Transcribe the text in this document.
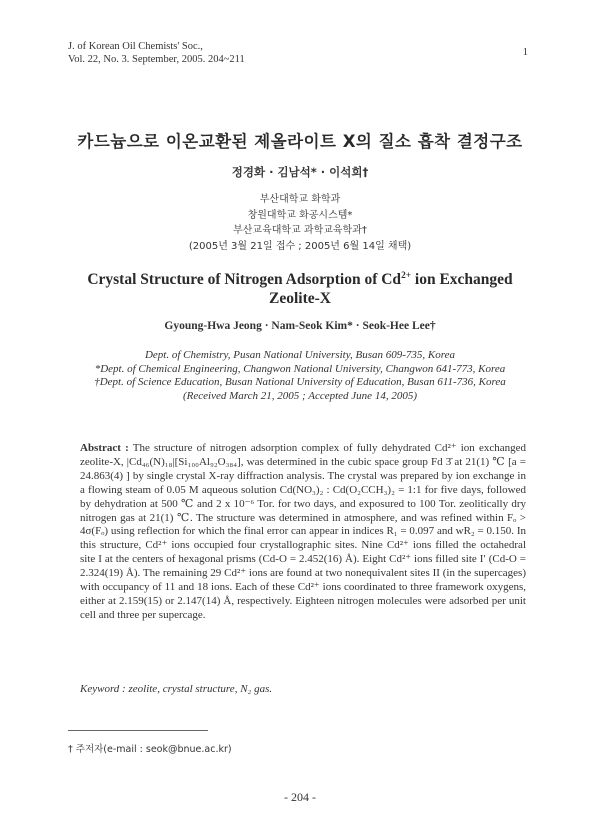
J. of Korean Oil Chemists' Soc.,
Vol. 22, No. 3. September, 2005. 204~211
1
카드늄으로 이온교환된 제올라이트 X의 질소 흡착 결정구조
정경화 · 김남석* · 이석희†
부산대학교 화학과
창원대학교 화공시스템*
부산교육대학교 과학교육학과†
(2005년 3월 21일 접수 ; 2005년 6월 14일 채택)
Crystal Structure of Nitrogen Adsorption of $Cd^{2+}$ ion Exchanged
Zeolite-X
Gyoung-Hwa Jeong · Nam-Seok Kim* · Seok-Hee Lee†
Dept. of Chemistry, Pusan National University, Busan 609-735, Korea
*Dept. of Chemical Engineering, Changwon National University, Changwon 641-773, Korea
†Dept. of Science Education, Busan National University of Education, Busan 611-736, Korea
(Received March 21, 2005 ; Accepted June 14, 2005)
Abstract : The structure of nitrogen adsorption complex of fully dehydrated Cd²⁺ ion exchanged zeolite-X, |Cd₄₆(N)₁₈|[Si₁₀₀Al₉₂O₃₈₄], was determined in the cubic space group Fd 3̄ at 21(1) ℃ [a = 24.863(4) ] by single crystal X-ray diffraction analysis. The crystal was prepared by ion exchange in a flowing steam of 0.05 M aqueous solution Cd(NO₃)₂ : Cd(O₂CCH₃)₂ = 1:1 for five days, followed by dehydration at 500 ℃ and 2 x 10⁻⁶ Tor. for two days, and exposured to 100 Tor. zeolitically dry nitrogen gas at 21(1) ℃. The structure was determined in atmosphere, and was refined within Fₒ > 4σ(Fₒ) using reflection for which the final error can appear in indices R₁ = 0.097 and wR₂ = 0.150. In this structure, Cd²⁺ ions occupied four crystallographic sites. Nine Cd²⁺ ions filled the octahedral site I at the centers of hexagonal prisms (Cd-O = 2.452(16) Å). Eight Cd²⁺ ions filled site I′ (Cd-O = 2.324(19) Å). The remaining 29 Cd²⁺ ions are found at two nonequivalent sites II (in the supercages) with occupancy of 11 and 18 ions. Each of these Cd²⁺ ions coordinated to three framework oxygens, either at 2.159(15) or 2.147(14) Å, respectively. Eighteen nitrogen molecules were adsorbed per unit cell and three per supercage.
Keyword : zeolite, crystal structure, N₂ gas.
† 주저자(e-mail : seok@bnue.ac.kr)
- 204 -
